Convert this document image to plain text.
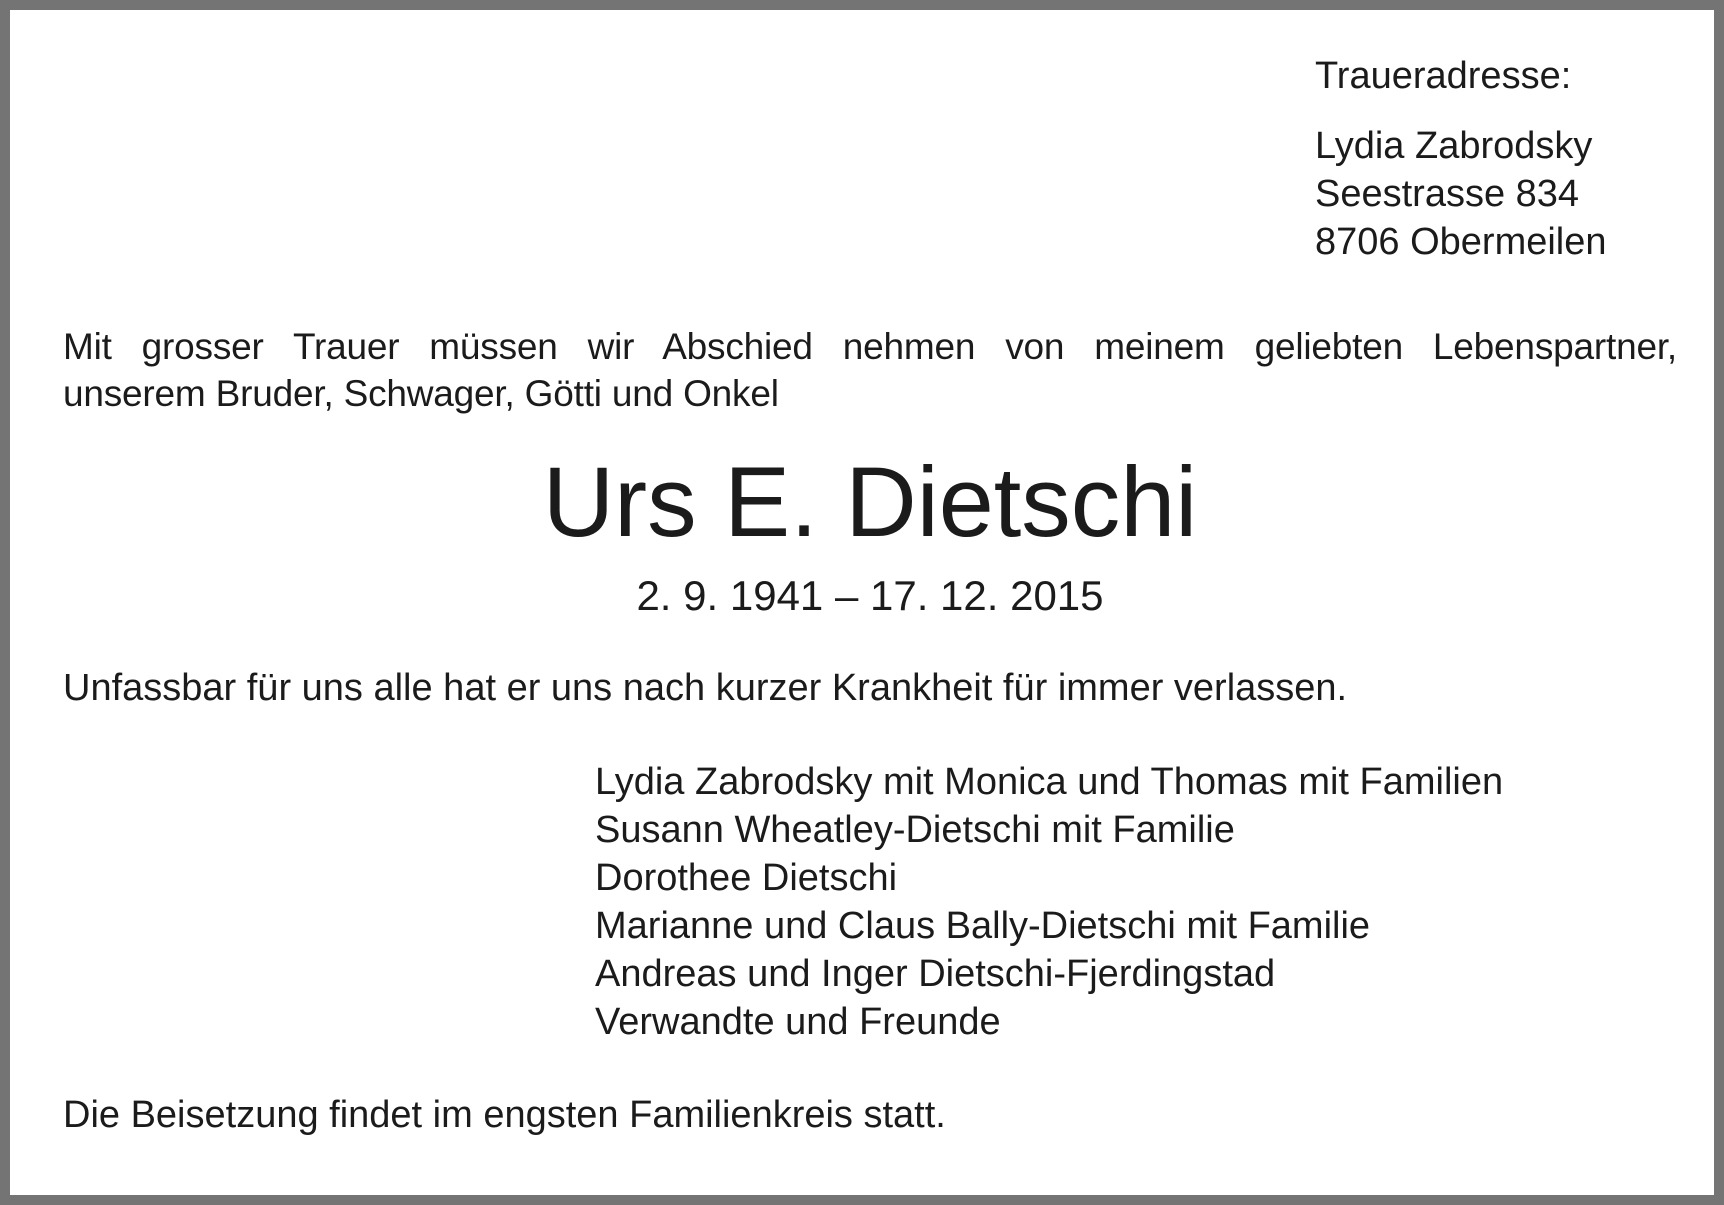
Traueradresse:
Lydia Zabrodsky
Seestrasse 834
8706 Obermeilen
Mit grosser Trauer müssen wir Abschied nehmen von meinem geliebten Lebenspartner,
unserem Bruder, Schwager, Götti und Onkel
Urs E. Dietschi
2. 9. 1941 – 17. 12. 2015
Unfassbar für uns alle hat er uns nach kurzer Krankheit für immer verlassen.
Lydia Zabrodsky mit Monica und Thomas mit Familien
Susann Wheatley-Dietschi mit Familie
Dorothee Dietschi
Marianne und Claus Bally-Dietschi mit Familie
Andreas und Inger Dietschi-Fjerdingstad
Verwandte und Freunde
Die Beisetzung findet im engsten Familienkreis statt.
